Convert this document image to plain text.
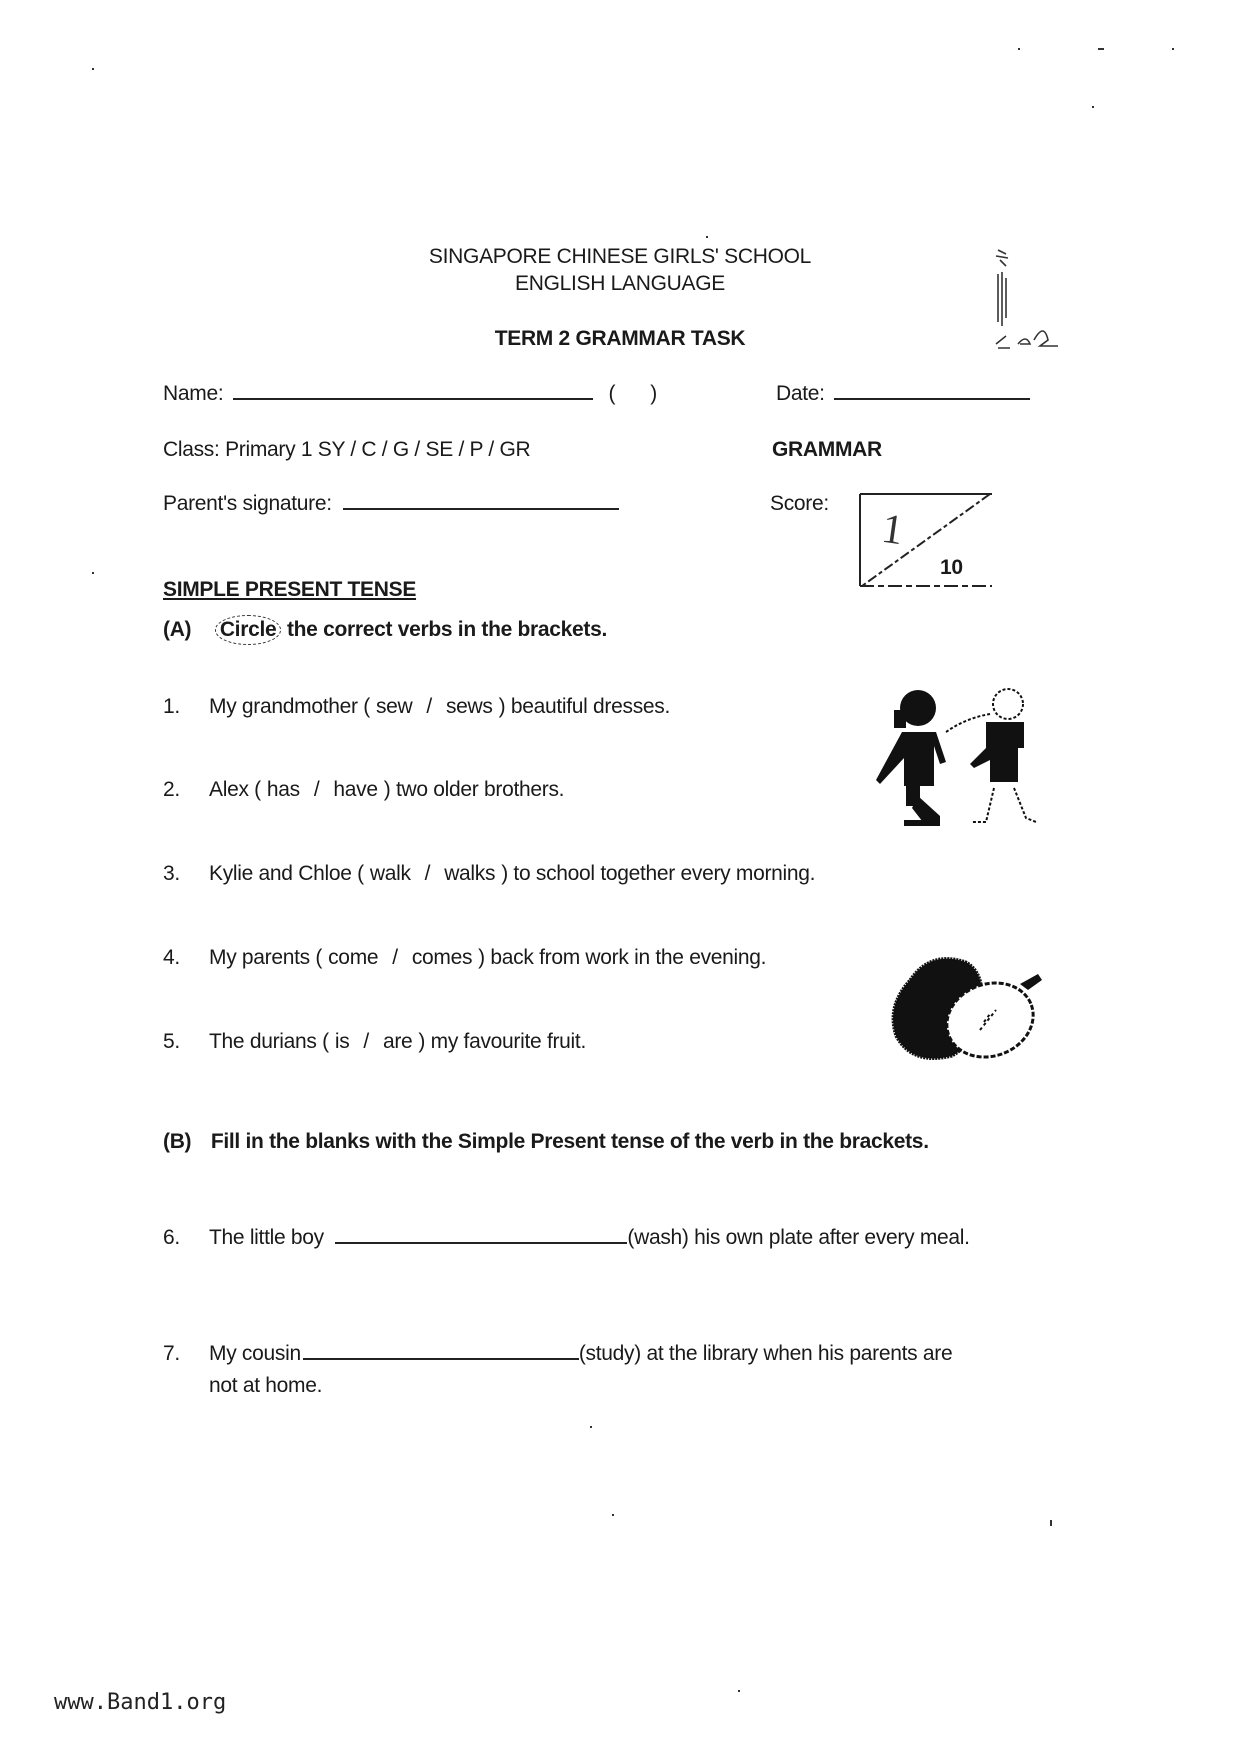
SINGAPORE CHINESE GIRLS' SCHOOL
ENGLISH LANGUAGE
TERM 2 GRAMMAR TASK
Name:	( )	Date:
Class: Primary 1 SY / C / G / SE / P / GR	GRAMMAR
Parent's signature:	Score:
1
10
SIMPLE PRESENT TENSE
(A) Circle the correct verbs in the brackets.
1. My grandmother ( sew / sews ) beautiful dresses.
2. Alex ( has / have ) two older brothers.
3. Kylie and Chloe ( walk / walks ) to school together every morning.
4. My parents ( come / comes ) back from work in the evening.
5. The durians ( is / are ) my favourite fruit.
(B) Fill in the blanks with the Simple Present tense of the verb in the brackets.
6. The little boy	(wash) his own plate after every meal.
7. My cousin	(study) at the library when his parents are
not at home.
www.Band1.org
